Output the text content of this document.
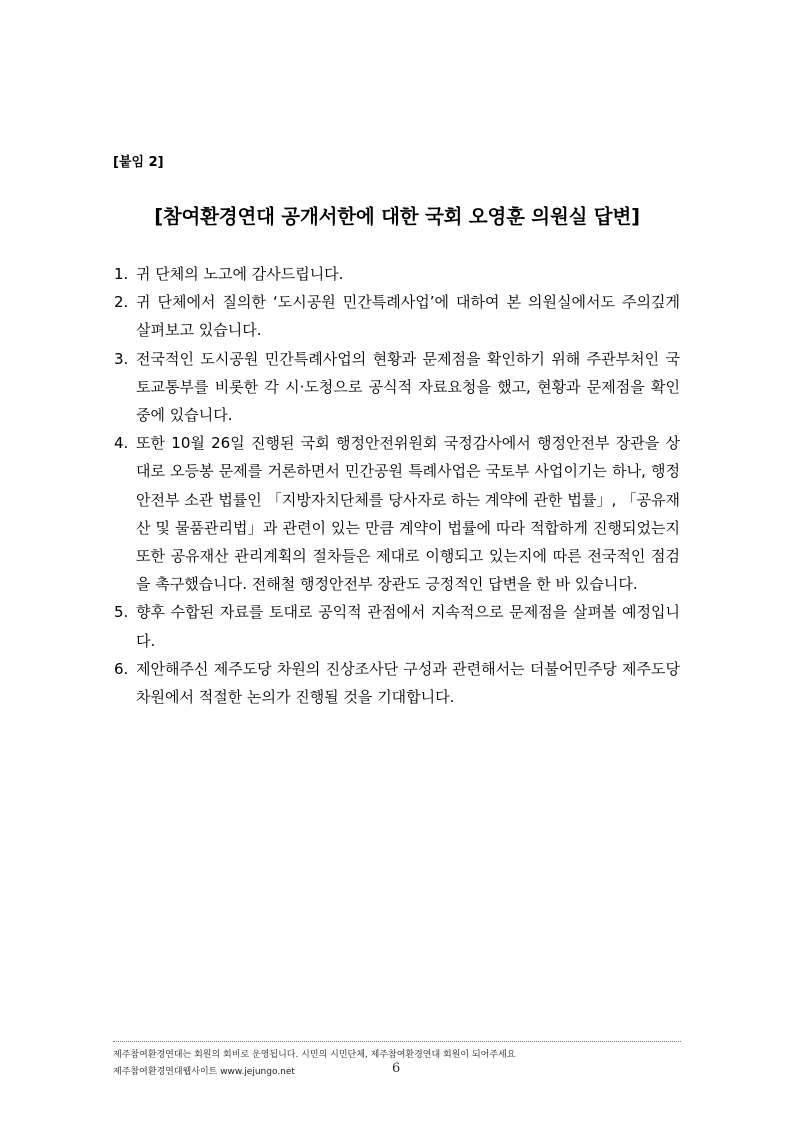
[붙임 2]
[참여환경연대 공개서한에 대한 국회 오영훈 의원실 답변]
1. 귀 단체의 노고에 감사드립니다.
2. 귀 단체에서 질의한 ‘도시공원 민간특례사업’에 대하여 본 의원실에서도 주의깊게 살펴보고 있습니다.
3. 전국적인 도시공원 민간특례사업의 현황과 문제점을 확인하기 위해 주관부처인 국토교통부를 비롯한 각 시·도청으로 공식적 자료요청을 했고, 현황과 문제점을 확인 중에 있습니다.
4. 또한 10월 26일 진행된 국회 행정안전위원회 국정감사에서 행정안전부 장관을 상대로 오등봉 문제를 거론하면서 민간공원 특례사업은 국토부 사업이기는 하나, 행정안전부 소관 법률인 「지방자치단체를 당사자로 하는 계약에 관한 법률」, 「공유재산 및 물품관리법」과 관련이 있는 만큼 계약이 법률에 따라 적합하게 진행되었는지 또한 공유재산 관리계획의 절차들은 제대로 이행되고 있는지에 따른 전국적인 점검을 촉구했습니다. 전해철 행정안전부 장관도 긍정적인 답변을 한 바 있습니다.
5. 향후 수합된 자료를 토대로 공익적 관점에서 지속적으로 문제점을 살펴볼 예정입니다.
6. 제안해주신 제주도당 차원의 진상조사단 구성과 관련해서는 더불어민주당 제주도당 차원에서 적절한 논의가 진행될 것을 기대합니다.
제주참여환경연대는 회원의 회비로 운영됩니다. 시민의 시민단체, 제주참여환경연대 회원이 되어주세요
제주참여환경연대웹사이트 www.jejungo.net	6
